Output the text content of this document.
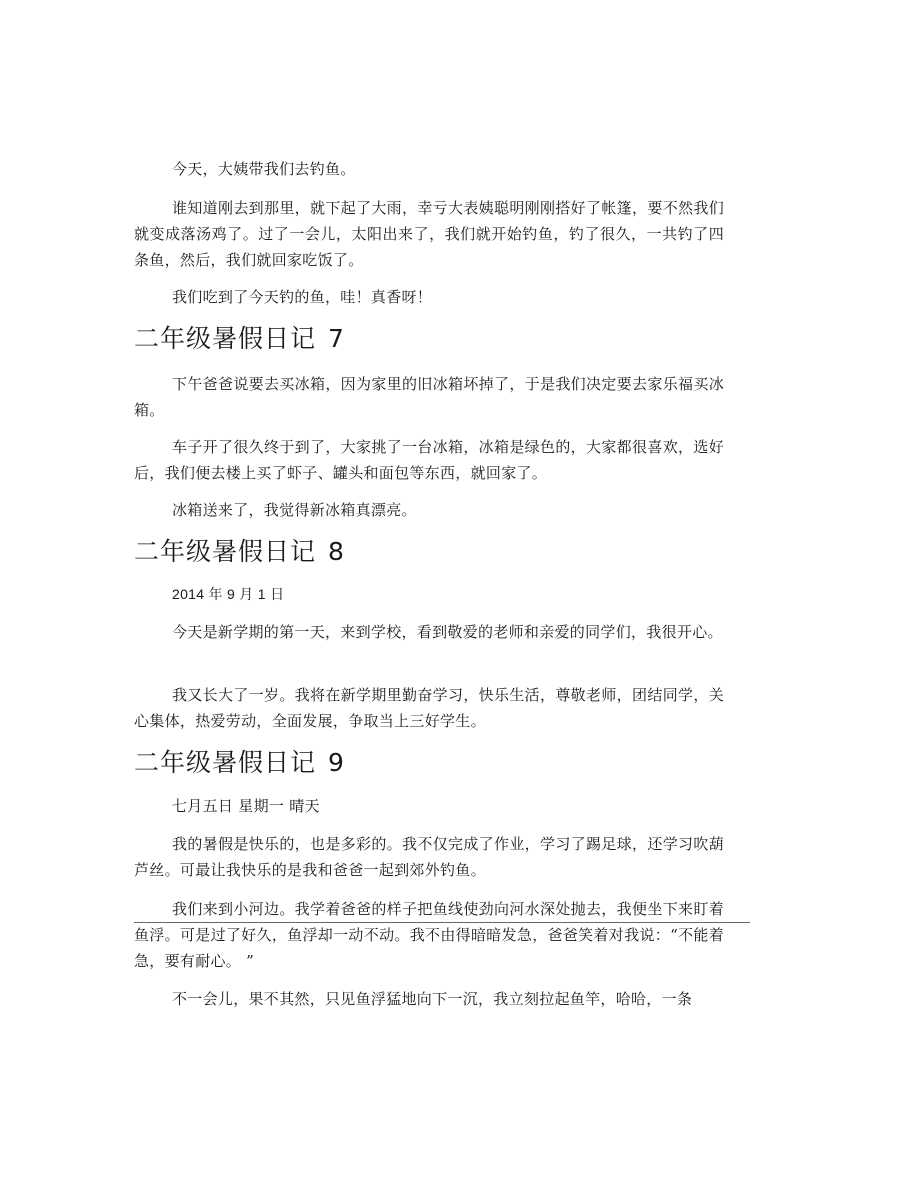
今天，大姨带我们去钓鱼。

谁知道刚去到那里，就下起了大雨，幸亏大表姨聪明刚刚搭好了帐篷，要不然我们就变成落汤鸡了。过了一会儿，太阳出来了，我们就开始钓鱼，钓了很久，一共钓了四条鱼，然后，我们就回家吃饭了。

我们吃到了今天钓的鱼，哇！真香呀！

二年级暑假日记 7

下午爸爸说要去买冰箱，因为家里的旧冰箱坏掉了，于是我们决定要去家乐福买冰箱。

车子开了很久终于到了，大家挑了一台冰箱，冰箱是绿色的，大家都很喜欢，选好后，我们便去楼上买了虾子、罐头和面包等东西，就回家了。

冰箱送来了，我觉得新冰箱真漂亮。

二年级暑假日记 8

2014 年 9 月 1 日

今天是新学期的第一天，来到学校，看到敬爱的老师和亲爱的同学们，我很开心。

我又长大了一岁。我将在新学期里勤奋学习，快乐生活，尊敬老师，团结同学，关心集体，热爱劳动，全面发展，争取当上三好学生。

二年级暑假日记 9

七月五日 星期一 晴天

我的暑假是快乐的，也是多彩的。我不仅完成了作业，学习了踢足球，还学习吹葫芦丝。可最让我快乐的是我和爸爸一起到郊外钓鱼。

我们来到小河边。我学着爸爸的样子把鱼线使劲向河水深处抛去，我便坐下来盯着鱼浮。可是过了好久，鱼浮却一动不动。我不由得暗暗发急，爸爸笑着对我说：“不能着急，要有耐心。 ”

不一会儿，果不其然，只见鱼浮猛地向下一沉，我立刻拉起鱼竿，哈哈，一条
